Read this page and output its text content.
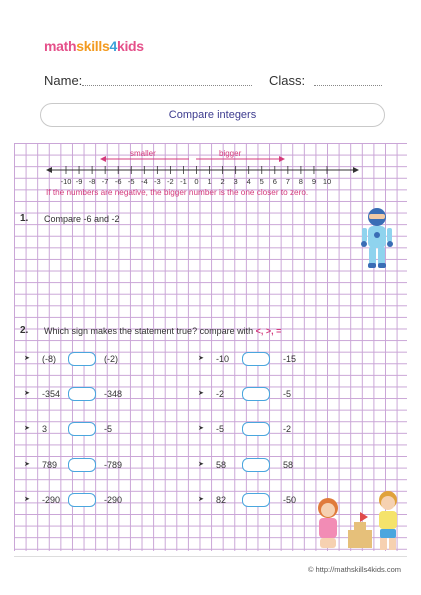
mathskills4kids
Name:	Class:
Compare integers
smaller	bigger
-10 -9 -8 -7 -6 -5 -4 -3 -2 -1 0 1 2 3 4 5 6 7 8 9 10
If the numbers are negative, the bigger number is the one closer to zero.
1. Compare -6 and -2
2. Which sign makes the statement true? compare with <, >, =
➤ (-8)	(-2)	➤ -10	-15
➤ -354	-348	➤ -2	-5
➤ 3	-5	➤ -5	-2
➤ 789	-789	➤ 58	58
➤ -290	-290	➤ 82	-50
© http://mathskills4kids.com
